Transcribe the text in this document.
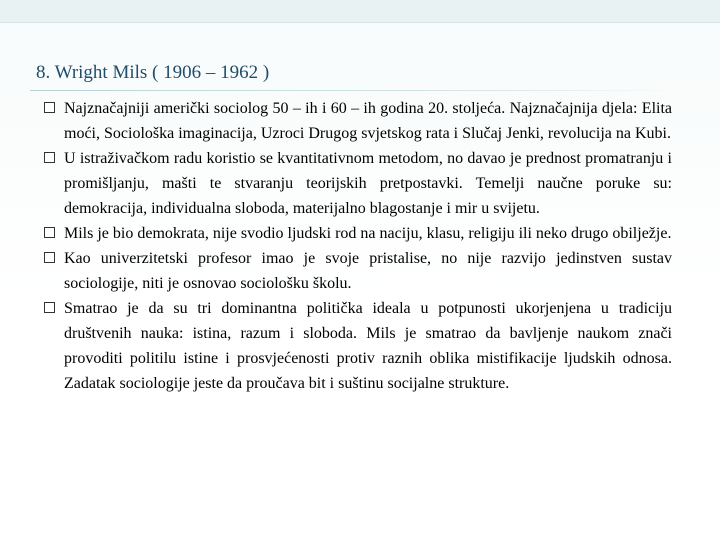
8. Wright Mils ( 1906 – 1962 )
Najznačajniji američki sociolog 50 – ih i 60 – ih godina 20. stoljeća. Najznačajnija djela: Elita moći, Sociološka imaginacija, Uzroci Drugog svjetskog rata i Slučaj Jenki, revolucija na Kubi.
U istraživačkom radu koristio se kvantitativnom metodom, no davao je prednost promatranju i promišljanju, mašti te stvaranju teorijskih pretpostavki. Temelji naučne poruke su: demokracija, individualna sloboda, materijalno blagostanje i mir u svijetu.
Mils je bio demokrata, nije svodio ljudski rod na naciju, klasu, religiju ili neko drugo obilježje.
Kao univerzitetski profesor imao je svoje pristalise, no nije razvijo jedinstven sustav sociologije, niti je osnovao sociološku školu.
Smatrao je da su tri dominantna politička ideala u potpunosti ukorjenjena u tradiciju društvenih nauka: istina, razum i sloboda. Mils je smatrao da bavljenje naukom znači provoditi politilu istine i prosvjećenosti protiv raznih oblika mistifikacije ljudskih odnosa. Zadatak sociologije jeste da proučava bit i suštinu socijalne strukture.
